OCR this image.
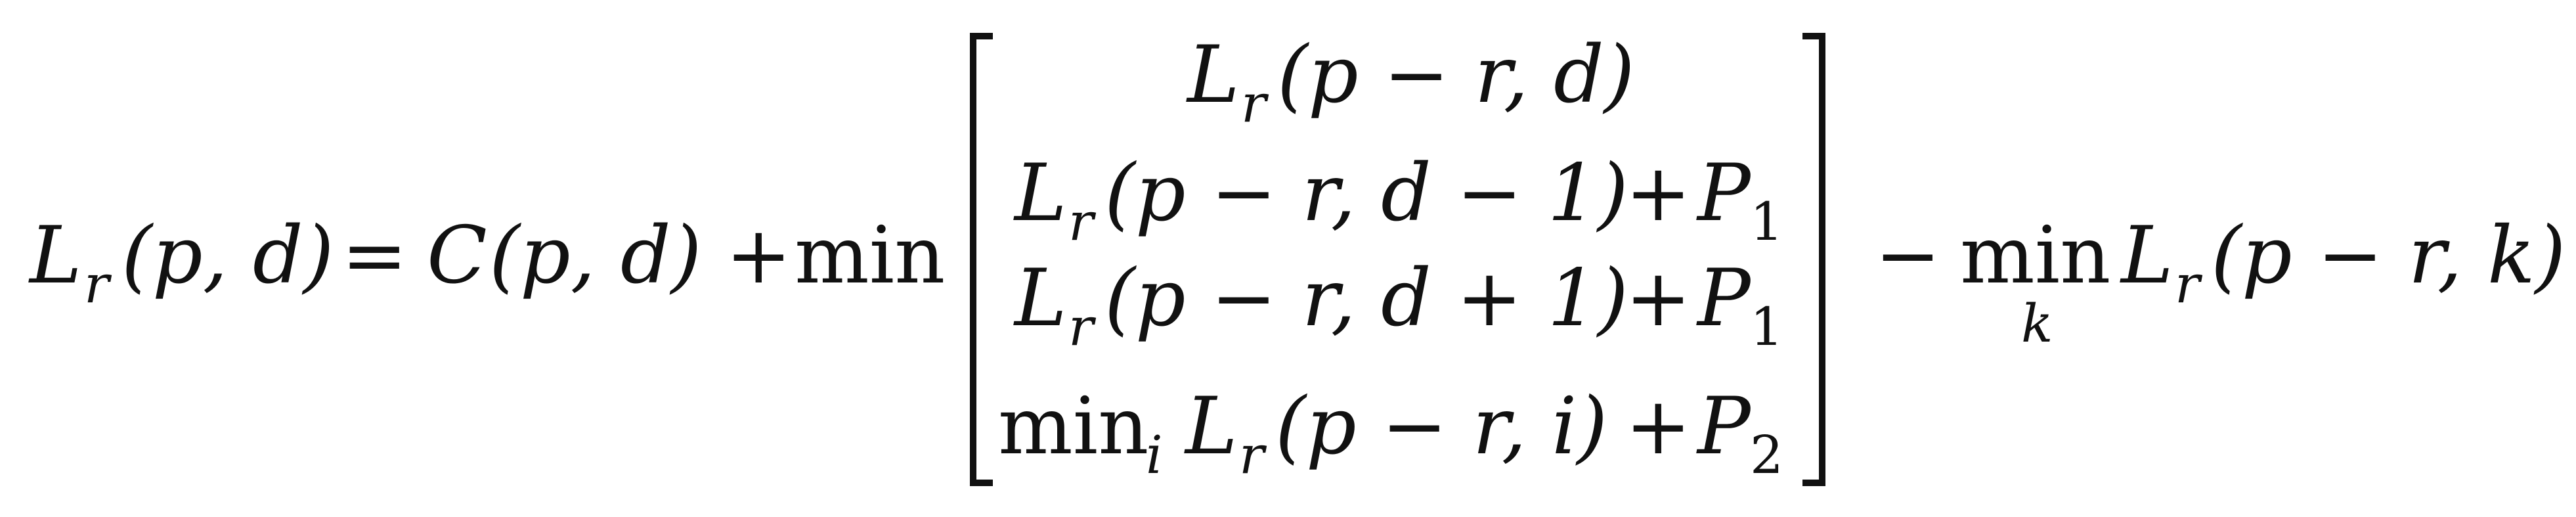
L r (p, d) = C (p, d) + min
L r (p − r, d)
L r (p − r, d − 1)
+ P 1
L r (p − r, d + 1)
+ P 1
min
i L r (p − r, i) + P 2
− min
k
L r (p − r, k)
